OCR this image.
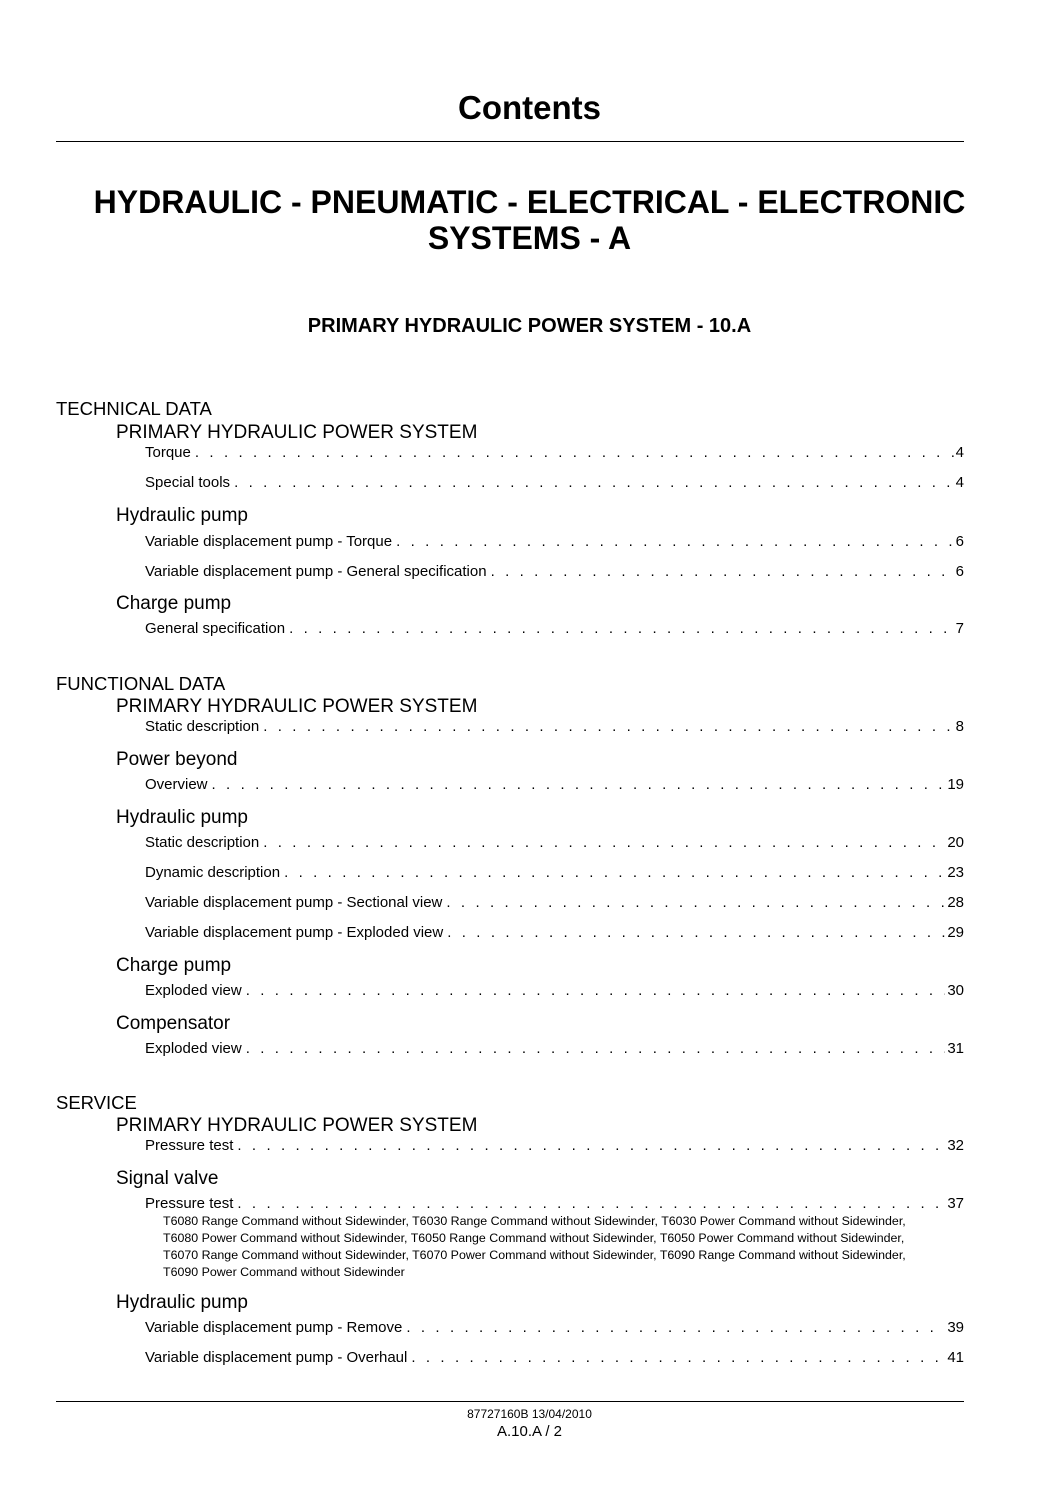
Contents
HYDRAULIC - PNEUMATIC - ELECTRICAL - ELECTRONIC
SYSTEMS - A
PRIMARY HYDRAULIC POWER SYSTEM - 10.A
TECHNICAL DATA
PRIMARY HYDRAULIC POWER SYSTEM
Torque . . .	4
Special tools . . .	4
Hydraulic pump
Variable displacement pump - Torque . . .	6
Variable displacement pump - General specification . . .	6
Charge pump
General specification . . .	7
FUNCTIONAL DATA
PRIMARY HYDRAULIC POWER SYSTEM
Static description . . .	8
Power beyond
Overview . . .	19
Hydraulic pump
Static description . . .	20
Dynamic description . . .	23
Variable displacement pump - Sectional view . . .	28
Variable displacement pump - Exploded view . . .	29
Charge pump
Exploded view . . .	30
Compensator
Exploded view . . .	31
SERVICE
PRIMARY HYDRAULIC POWER SYSTEM
Pressure test . . .	32
Signal valve
Pressure test . . .	37
T6080 Range Command without Sidewinder, T6030 Range Command without Sidewinder, T6030 Power Command without Sidewinder, T6080 Power Command without Sidewinder, T6050 Range Command without Sidewinder, T6050 Power Command without Sidewinder, T6070 Range Command without Sidewinder, T6070 Power Command without Sidewinder, T6090 Range Command without Sidewinder, T6090 Power Command without Sidewinder
Hydraulic pump
Variable displacement pump - Remove . . .	39
Variable displacement pump - Overhaul . . .	41
87727160B 13/04/2010
A.10.A / 2
